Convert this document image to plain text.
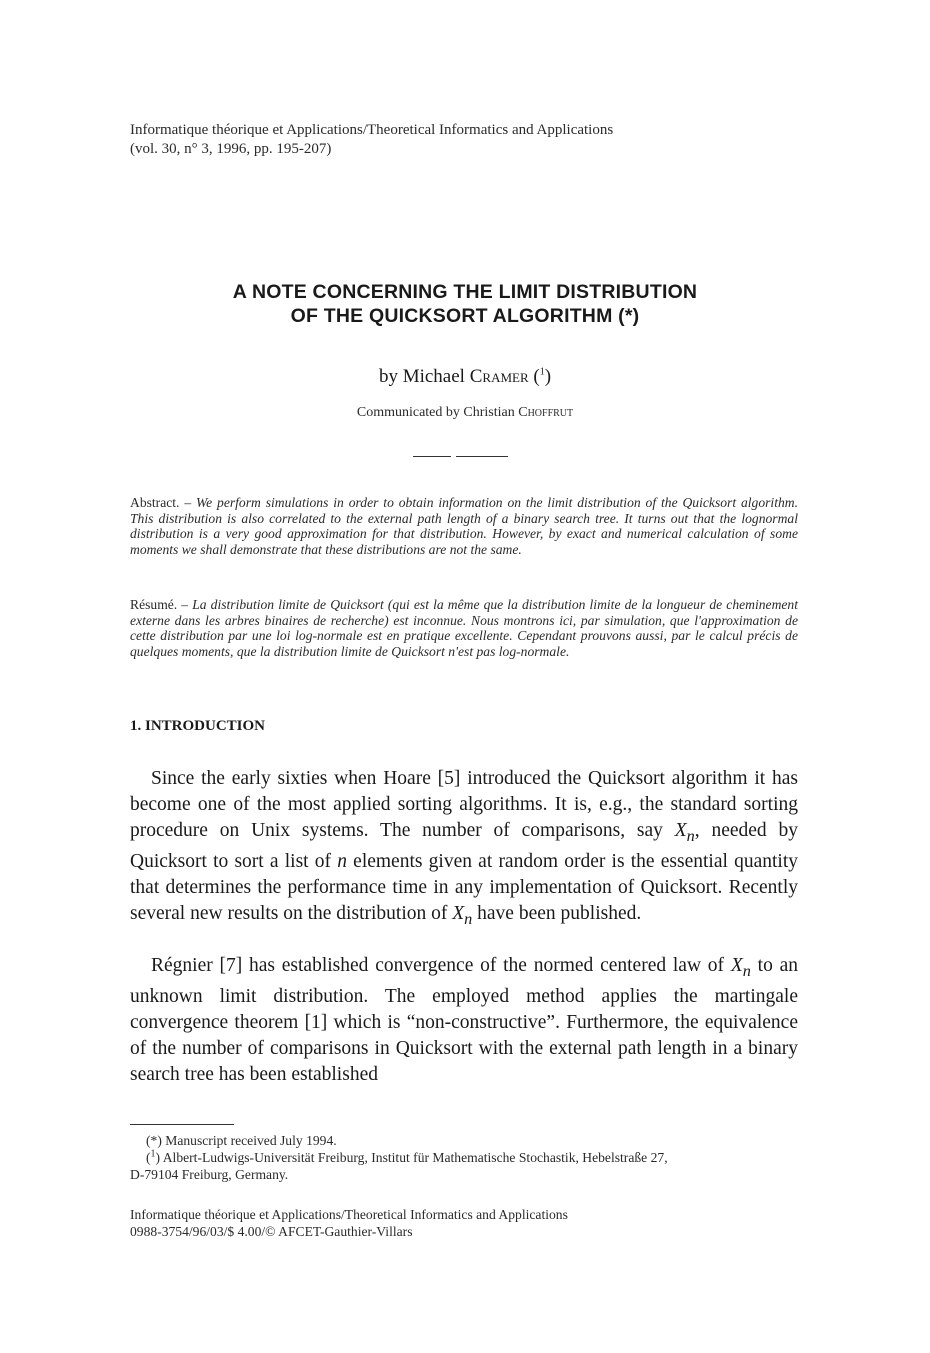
Informatique théorique et Applications/Theoretical Informatics and Applications
(vol. 30, n° 3, 1996, pp. 195-207)
A NOTE CONCERNING THE LIMIT DISTRIBUTION
OF THE QUICKSORT ALGORITHM (*)
by Michael Cramer ($^1$)
Communicated by Christian Choffrut
Abstract. – We perform simulations in order to obtain information on the limit distribution of the Quicksort algorithm. This distribution is also correlated to the external path length of a binary search tree. It turns out that the lognormal distribution is a very good approximation for that distribution. However, by exact and numerical calculation of some moments we shall demonstrate that these distributions are not the same.
Résumé. – La distribution limite de Quicksort (qui est la même que la distribution limite de la longueur de cheminement externe dans les arbres binaires de recherche) est inconnue. Nous montrons ici, par simulation, que l'approximation de cette distribution par une loi log-normale est en pratique excellente. Cependant prouvons aussi, par le calcul précis de quelques moments, que la distribution limite de Quicksort n'est pas log-normale.
1. INTRODUCTION
Since the early sixties when Hoare [5] introduced the Quicksort algorithm it has become one of the most applied sorting algorithms. It is, e.g., the standard sorting procedure on Unix systems. The number of comparisons, say $X_n$, needed by Quicksort to sort a list of n elements given at random order is the essential quantity that determines the performance time in any implementation of Quicksort. Recently several new results on the distribution of $X_n$ have been published.
Régnier [7] has established convergence of the normed centered law of $X_n$ to an unknown limit distribution. The employed method applies the martingale convergence theorem [1] which is “non-constructive”. Furthermore, the equivalence of the number of comparisons in Quicksort with the external path length in a binary search tree has been established
(*) Manuscript received July 1994.
($^1$) Albert-Ludwigs-Universität Freiburg, Institut für Mathematische Stochastik, Hebelstraße 27,
D-79104 Freiburg, Germany.
Informatique théorique et Applications/Theoretical Informatics and Applications
0988-3754/96/03/$ 4.00/© AFCET-Gauthier-Villars
